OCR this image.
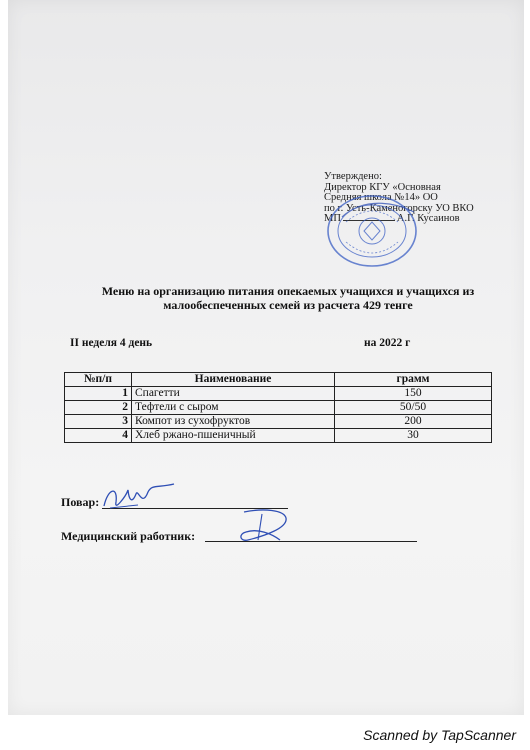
Утверждено:
Директор КГУ «Основная
Средняя школа №14» ОО
по г. Усть-Каменогорску УО ВКО
МП	А.Г. Кусаинов
Меню на организацию питания опекаемых учащихся и учащихся из малообеспеченных семей из расчета 429 тенге
II неделя 4 день	на 2022 г
№п/п	Наименование	грамм
1	Спагетти	150
2	Тефтели с сыром	50/50
3	Компот из сухофруктов	200
4	Хлеб ржано-пшеничный	30
Повар:
Медицинский работник:
Scanned by TapScanner
